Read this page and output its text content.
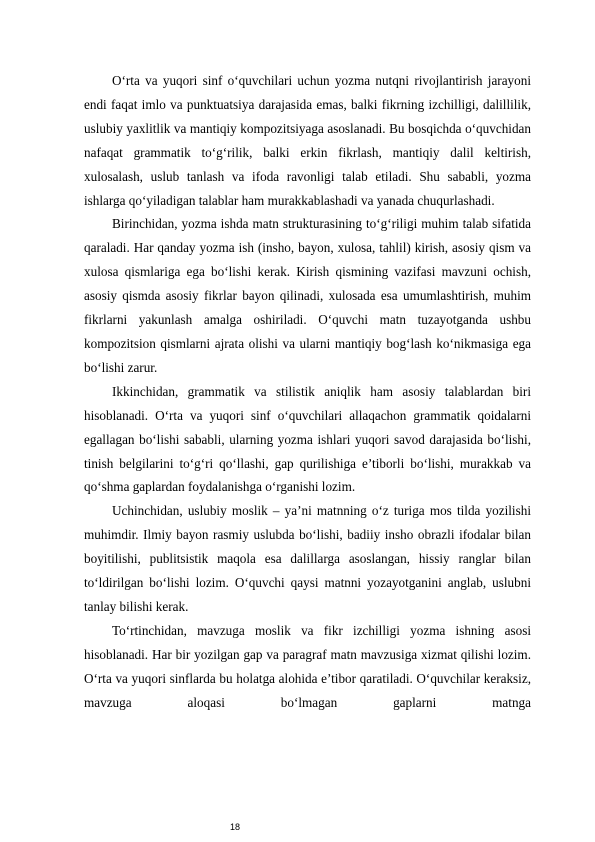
O‘rta va yuqori sinf o‘quvchilari uchun yozma nutqni rivojlantirish jarayoni endi faqat imlo va punktuatsiya darajasida emas, balki fikrning izchilligi, dalillilik, uslubiy yaxlitlik va mantiqiy kompozitsiyaga asoslanadi. Bu bosqichda o‘quvchidan nafaqat grammatik to‘g‘rilik, balki erkin fikrlash, mantiqiy dalil keltirish, xulosalash, uslub tanlash va ifoda ravonligi talab etiladi. Shu sababli, yozma ishlarga qo‘yiladigan talablar ham murakkablashadi va yanada chuqurlashadi.

Birinchidan, yozma ishda matn strukturasining to‘g‘riligi muhim talab sifatida qaraladi. Har qanday yozma ish (insho, bayon, xulosa, tahlil) kirish, asosiy qism va xulosa qismlariga ega bo‘lishi kerak. Kirish qismining vazifasi mavzuni ochish, asosiy qismda asosiy fikrlar bayon qilinadi, xulosada esa umumlashtirish, muhim fikrlarni yakunlash amalga oshiriladi. O‘quvchi matn tuzayotganda ushbu kompozitsion qismlarni ajrata olishi va ularni mantiqiy bog‘lash ko‘nikmasiga ega bo‘lishi zarur.

Ikkinchidan, grammatik va stilistik aniqlik ham asosiy talablardan biri hisoblanadi. O‘rta va yuqori sinf o‘quvchilari allaqachon grammatik qoidalarni egallagan bo‘lishi sababli, ularning yozma ishlari yuqori savod darajasida bo‘lishi, tinish belgilarini to‘g‘ri qo‘llashi, gap qurilishiga e’tiborli bo‘lishi, murakkab va qo‘shma gaplardan foydalanishga o‘rganishi lozim.

Uchinchidan, uslubiy moslik – ya’ni matnning o‘z turiga mos tilda yozilishi muhimdir. Ilmiy bayon rasmiy uslubda bo‘lishi, badiiy insho obrazli ifodalar bilan boyitilishi, publitsistik maqola esa dalillarga asoslangan, hissiy ranglar bilan to‘ldirilgan bo‘lishi lozim. O‘quvchi qaysi matnni yozayotganini anglab, uslubni tanlay bilishi kerak.

To‘rtinchidan, mavzuga moslik va fikr izchilligi yozma ishning asosi hisoblanadi. Har bir yozilgan gap va paragraf matn mavzusiga xizmat qilishi lozim. O‘rta va yuqori sinflarda bu holatga alohida e’tibor qaratiladi. O‘quvchilar keraksiz, mavzuga aloqasi bo‘lmagan gaplarni matnga

18
